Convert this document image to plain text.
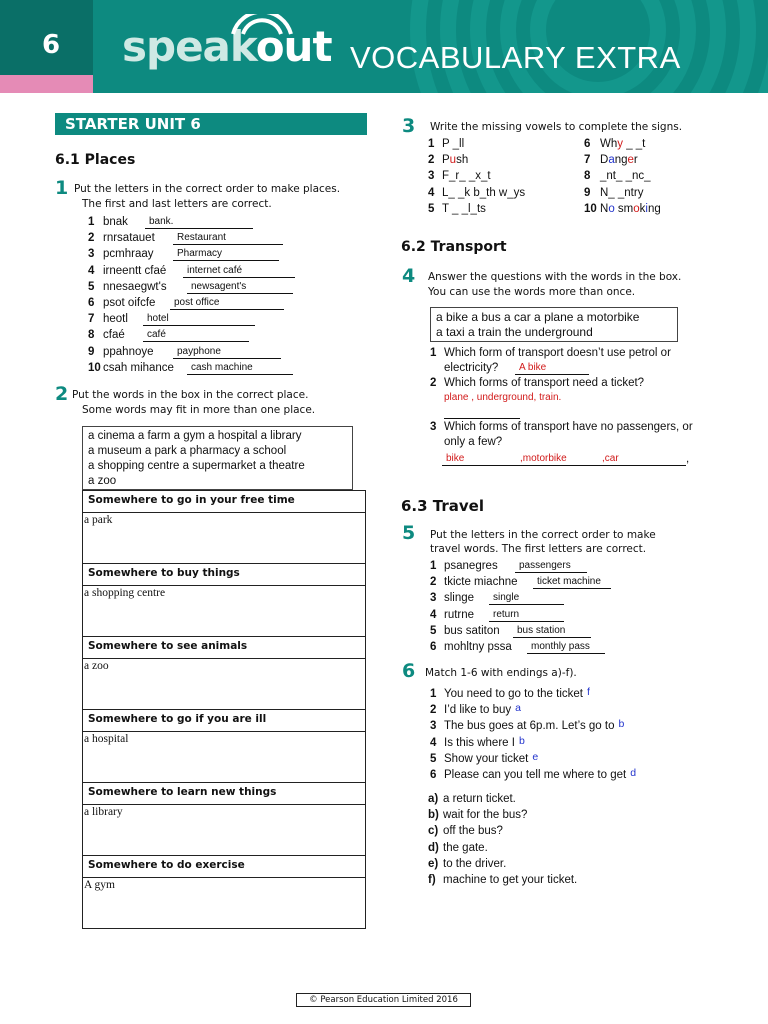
6	speakout VOCABULARY EXTRA
STARTER UNIT 6
6.1 Places
1 Put the letters in the correct order to make places.
The first and last letters are correct.
1 bnak	bank.
2 rnrsatauet	Restaurant
3 pcmhraay	Pharmacy
4 irneentt cfaé	internet café
5 nnesaegwt's	newsagent's
6 psot oifcfe	post office
7 heotl	hotel
8 cfaé	café
9 ppahnoye	payphone
10 csah mihance	cash machine
2 Put the words in the box in the correct place.
Some words may fit in more than one place.
a cinema a farm a gym a hospital a library
a museum a park a pharmacy a school
a shopping centre a supermarket a theatre
a zoo
Somewhere to go in your free time
a park
Somewhere to buy things
a shopping centre
Somewhere to see animals
a zoo
Somewhere to go if you are ill
a hospital
Somewhere to learn new things
a library
Somewhere to do exercise
A gym
3 Write the missing vowels to complete the signs.
1 P _ll
2 Push
3 F_r_ _x_t
4 L_ _k b_th w_ys
5 T _ _l_ts
6 Why _ _t
7 Danger
8 _nt_ _nc_
9 N_ _ntry
10 No smoking
6.2 Transport
4 Answer the questions with the words in the box.
You can use the words more than once.
a bike a bus a car a plane a motorbike
a taxi a train the underground
1 Which form of transport doesn’t use petrol or
electricity?	A bike
2 Which forms of transport need a ticket?
plane , underground, train.
3 Which forms of transport have no passengers, or
only a few?
bike	,motorbike	,car	,
6.3 Travel
5 Put the letters in the correct order to make
travel words. The first letters are correct.
1 psanegres	passengers
2 tkicte miachne	ticket machine
3 slinge	single
4 rutrne	return
5 bus satiton	bus station
6 mohltny pssa	monthly pass
6 Match 1-6 with endings a)-f).
1 You need to go to the ticket f
2 I’d like to buy a
3 The bus goes at 6p.m. Let’s go to b
4 Is this where I b
5 Show your ticket e
6 Please can you tell me where to get d
a) a return ticket.
b) wait for the bus?
c) off the bus?
d) the gate.
e) to the driver.
f) machine to get your ticket.
© Pearson Education Limited 2016
